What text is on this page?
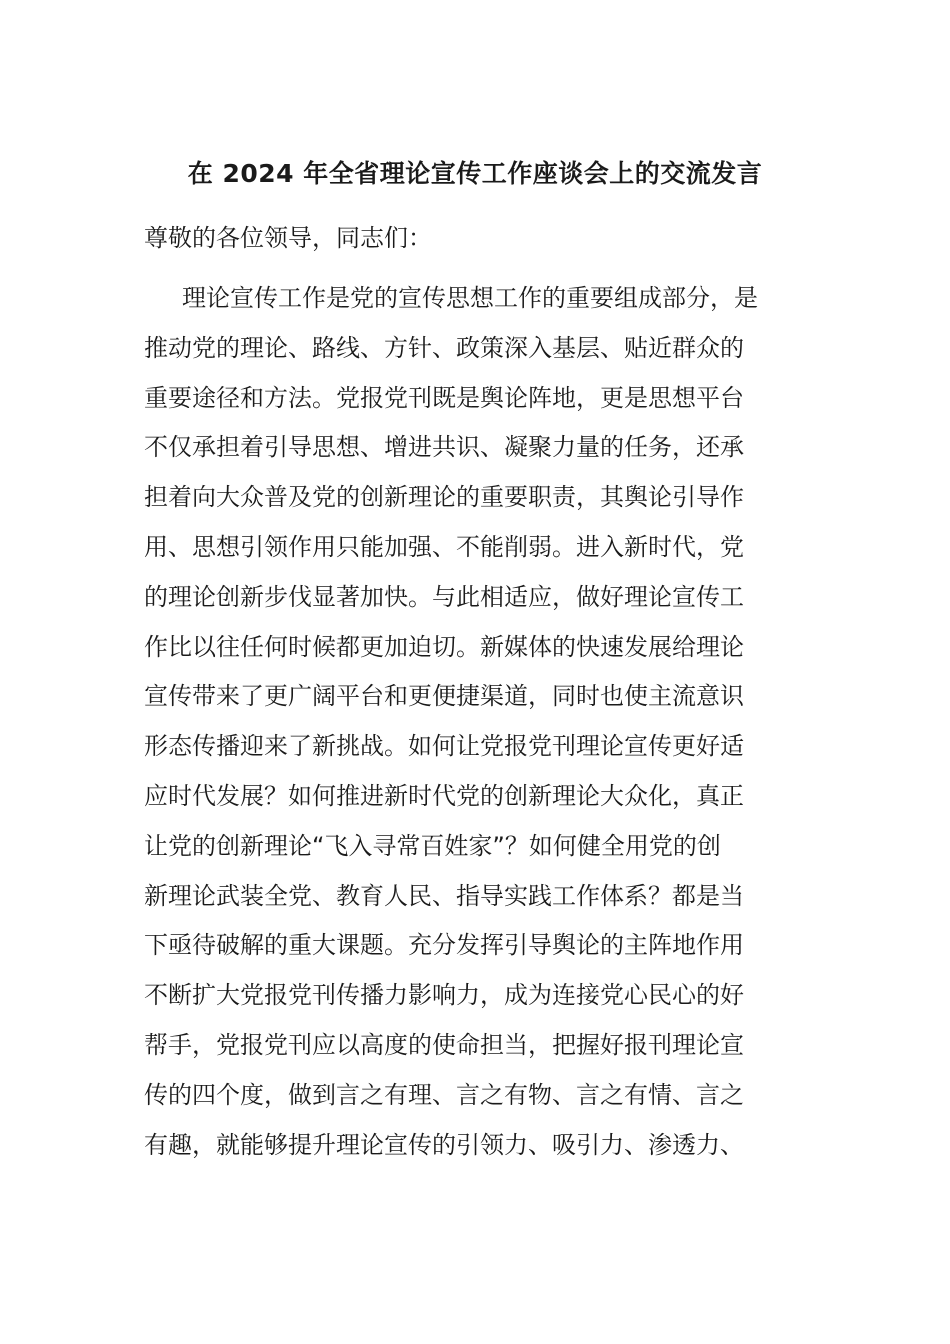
在 2024 年全省理论宣传工作座谈会上的交流发言
尊敬的各位领导，同志们：
理论宣传工作是党的宣传思想工作的重要组成部分，是
推动党的理论、路线、方针、政策深入基层、贴近群众的
重要途径和方法。党报党刊既是舆论阵地，更是思想平台
不仅承担着引导思想、增进共识、凝聚力量的任务，还承
担着向大众普及党的创新理论的重要职责，其舆论引导作
用、思想引领作用只能加强、不能削弱。进入新时代，党
的理论创新步伐显著加快。与此相适应，做好理论宣传工
作比以往任何时候都更加迫切。新媒体的快速发展给理论
宣传带来了更广阔平台和更便捷渠道，同时也使主流意识
形态传播迎来了新挑战。如何让党报党刊理论宣传更好适
应时代发展？如何推进新时代党的创新理论大众化，真正
让党的创新理论“飞入寻常百姓家”？如何健全用党的创
新理论武装全党、教育人民、指导实践工作体系？都是当
下亟待破解的重大课题。充分发挥引导舆论的主阵地作用
不断扩大党报党刊传播力影响力，成为连接党心民心的好
帮手，党报党刊应以高度的使命担当，把握好报刊理论宣
传的四个度，做到言之有理、言之有物、言之有情、言之
有趣，就能够提升理论宣传的引领力、吸引力、渗透力、
